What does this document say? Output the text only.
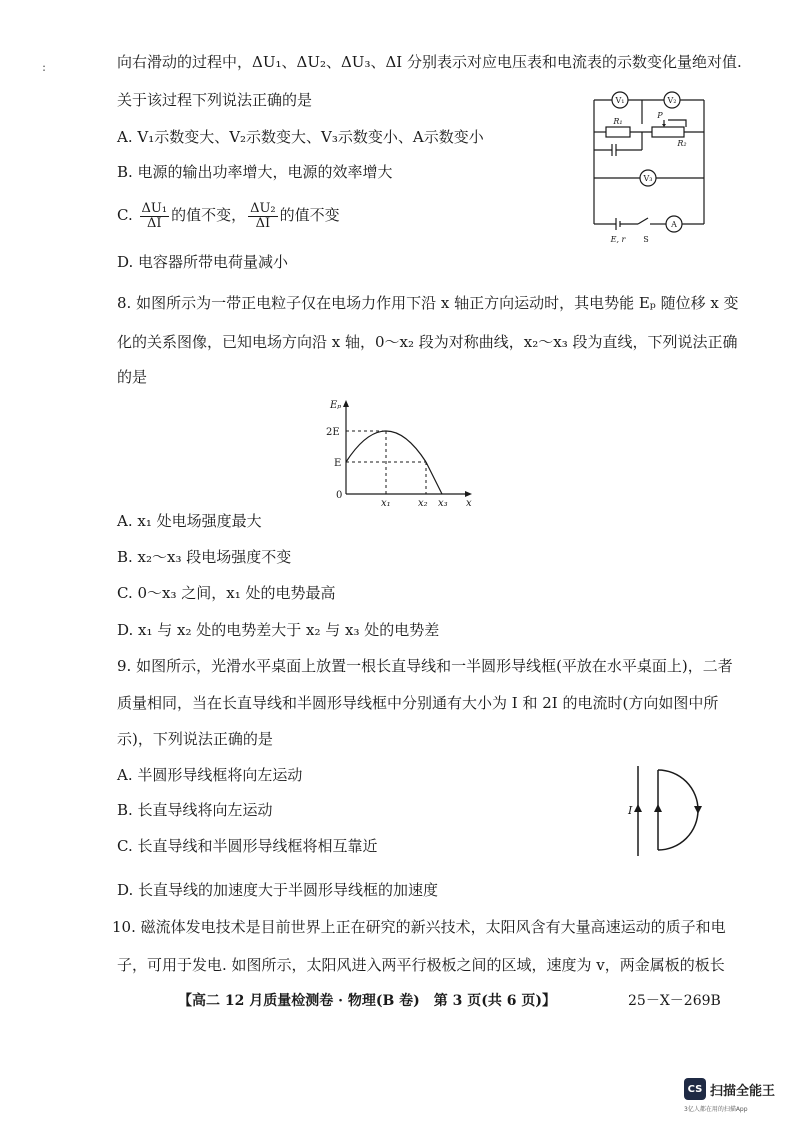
:	向右滑动的过程中，ΔU₁、ΔU₂、ΔU₃、ΔI 分别表示对应电压表和电流表的示数变化量绝对值.
关于该过程下列说法正确的是
A. V₁示数变大、V₂示数变大、V₃示数变小、A示数变小
B. 电源的输出功率增大，电源的效率增大
C. $\frac{\text{ΔU₁}}{\Delta I}$ 的值不变， $\frac{\text{ΔU₂}}{\Delta I}$ 的值不变
D. 电容器所带电荷量减小
V₁	V₂
V₃
A
R₁
P
R₂
E, r S
8. 如图所示为一带正电粒子仅在电场力作用下沿 x 轴正方向运动时，其电势能 Eₚ 随位移 x 变
化的关系图像，已知电场方向沿 x 轴，0～x₂ 段为对称曲线，x₂～x₃ 段为直线，下列说法正确
的是
Eₚ
2E
E
0
x₁	x₂ x₃ x
A. x₁ 处电场强度最大
B. x₂～x₃ 段电场强度不变
C. 0～x₃ 之间，x₁ 处的电势最高
D. x₁ 与 x₂ 处的电势差大于 x₂ 与 x₃ 处的电势差
9. 如图所示，光滑水平桌面上放置一根长直导线和一半圆形导线框(平放在水平桌面上)，二者
质量相同，当在长直导线和半圆形导线框中分别通有大小为 I 和 2I 的电流时(方向如图中所
示)，下列说法正确的是
A. 半圆形导线框将向左运动
B. 长直导线将向左运动
C. 长直导线和半圆形导线框将相互靠近
D. 长直导线的加速度大于半圆形导线框的加速度
I
10. 磁流体发电技术是目前世界上正在研究的新兴技术，太阳风含有大量高速运动的质子和电
子，可用于发电. 如图所示，太阳风进入两平行极板之间的区域，速度为 v，两金属板的板长
【高二 12 月质量检测卷 · 物理(B 卷)　第 3 页(共 6 页)】	25－X－269B
CS 扫描全能王
3亿人都在用的扫描App
